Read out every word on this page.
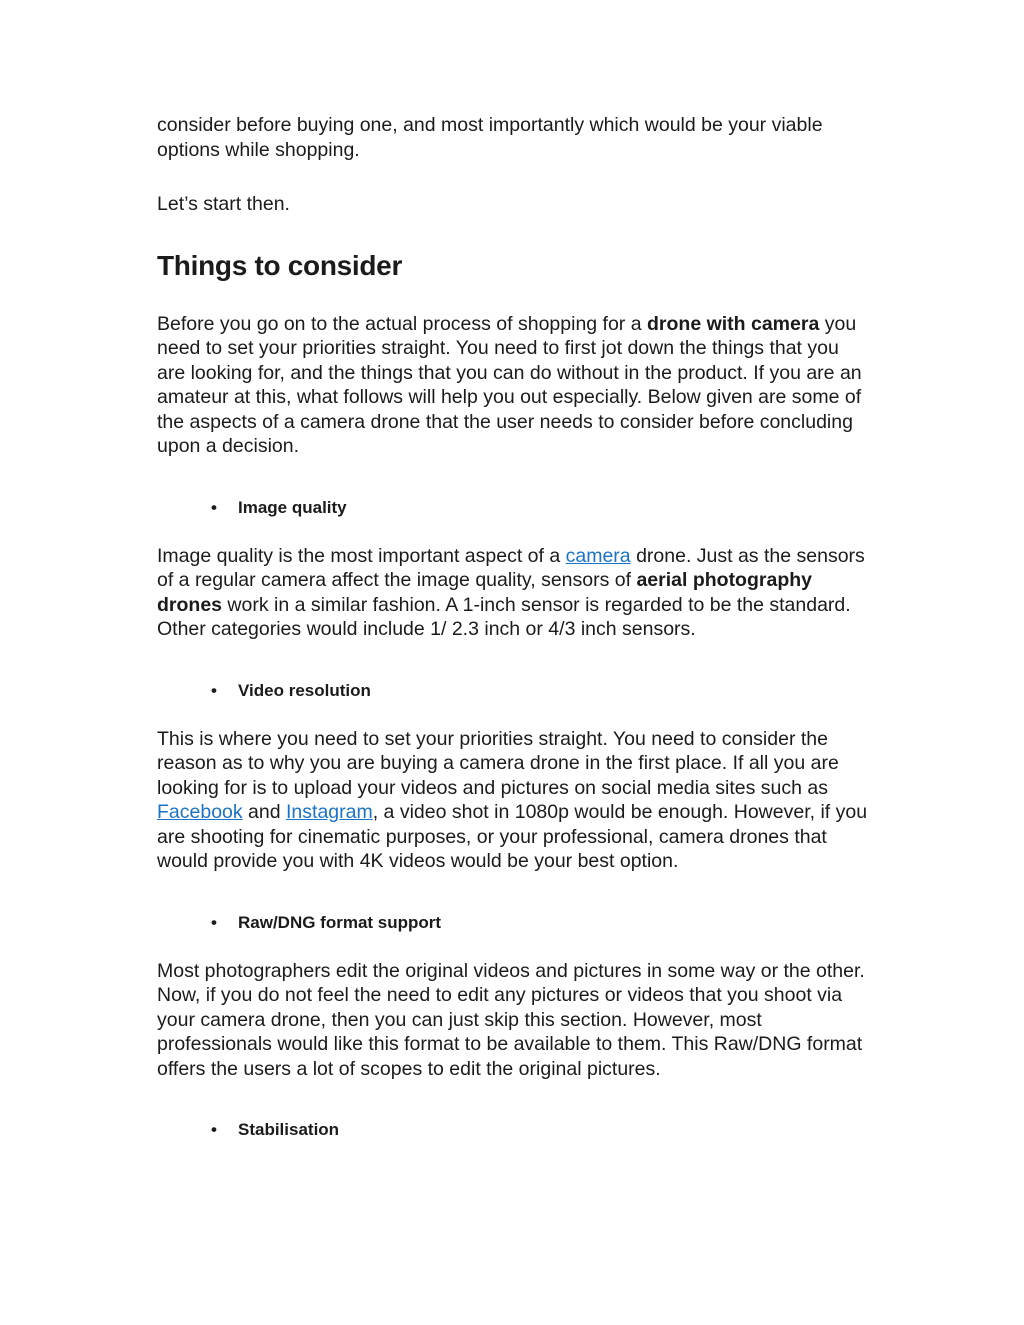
consider before buying one, and most importantly which would be your viable options while shopping.

Let’s start then.

Things to consider

Before you go on to the actual process of shopping for a drone with camera you need to set your priorities straight. You need to first jot down the things that you are looking for, and the things that you can do without in the product. If you are an amateur at this, what follows will help you out especially. Below given are some of the aspects of a camera drone that the user needs to consider before concluding upon a decision.

• Image quality

Image quality is the most important aspect of a camera drone. Just as the sensors of a regular camera affect the image quality, sensors of aerial photography drones work in a similar fashion. A 1-inch sensor is regarded to be the standard. Other categories would include 1/ 2.3 inch or 4/3 inch sensors.

• Video resolution

This is where you need to set your priorities straight. You need to consider the reason as to why you are buying a camera drone in the first place. If all you are looking for is to upload your videos and pictures on social media sites such as Facebook and Instagram, a video shot in 1080p would be enough. However, if you are shooting for cinematic purposes, or your professional, camera drones that would provide you with 4K videos would be your best option.

• Raw/DNG format support

Most photographers edit the original videos and pictures in some way or the other. Now, if you do not feel the need to edit any pictures or videos that you shoot via your camera drone, then you can just skip this section. However, most professionals would like this format to be available to them. This Raw/DNG format offers the users a lot of scopes to edit the original pictures.

• Stabilisation
